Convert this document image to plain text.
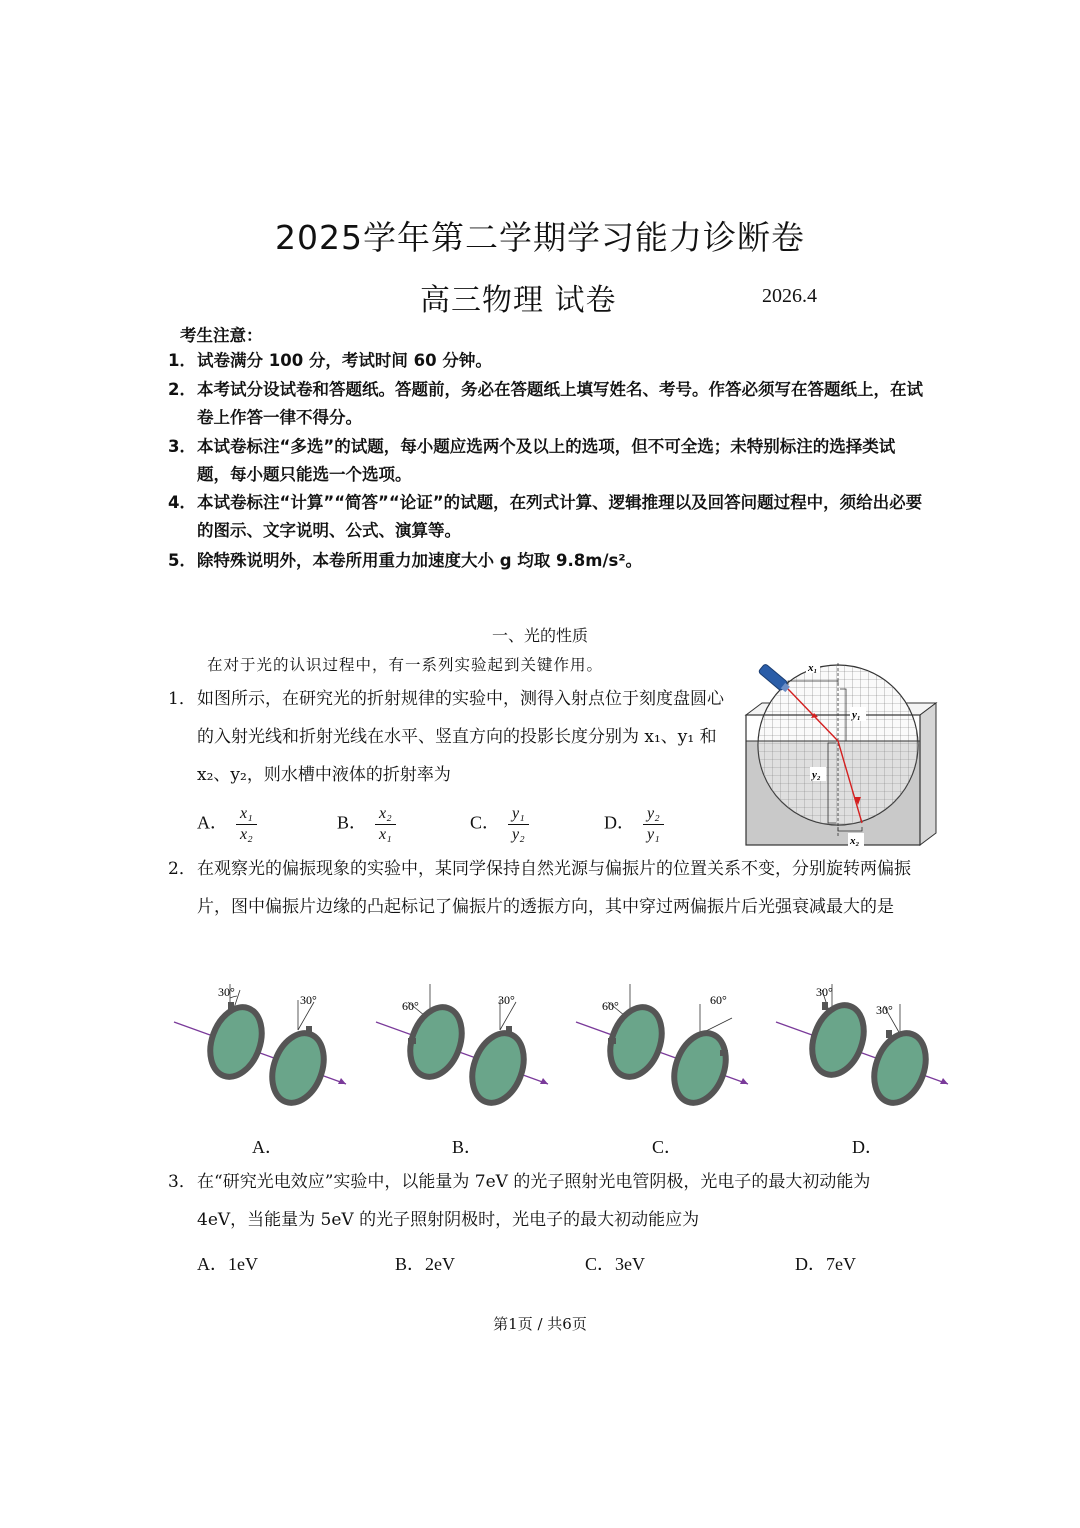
2025学年第二学期学习能力诊断卷
高三物理 试卷	2026.4
考生注意：
1． 试卷满分 100 分，考试时间 60 分钟。
2． 本考试分设试卷和答题纸。答题前，务必在答题纸上填写姓名、考号。作答必须写在答题纸上，在试卷上作答一律不得分。
3． 本试卷标注“多选”的试题，每小题应选两个及以上的选项，但不可全选；未特别标注的选择类试题，每小题只能选一个选项。
4． 本试卷标注“计算”“简答”“论证”的试题，在列式计算、逻辑推理以及回答问题过程中，须给出必要的图示、文字说明、公式、演算等。
5． 除特殊说明外，本卷所用重力加速度大小 g 均取 9.8m/s²。
一、光的性质
在对于光的认识过程中，有一系列实验起到关键作用。
1． 如图所示，在研究光的折射规律的实验中，测得入射点位于刻度盘圆心的入射光线和折射光线在水平、竖直方向的投影长度分别为 x₁、y₁ 和 x₂、y₂，则水槽中液体的折射率为
A． $\frac{\text{x₁}}{\text{x₂}}$	B． $\frac{\text{x₂}}{\text{x₁}}$	C． $\frac{\text{y₁}}{\text{y₂}}$	D． $\frac{\text{y₂}}{\text{y₁}}$
x₁
y₁
y₂
x₂
2． 在观察光的偏振现象的实验中，某同学保持自然光源与偏振片的位置关系不变，分别旋转两偏振片，图中偏振片边缘的凸起标记了偏振片的透振方向，其中穿过两偏振片后光强衰减最大的是
30°
30°
A．
60°	30°
B．
60°	60°
C．
30°
30°
D．
3． 在“研究光电效应”实验中，以能量为 7eV 的光子照射光电管阴极，光电子的最大初动能为 4eV，当能量为 5eV 的光子照射阴极时，光电子的最大初动能应为
A．1eV	B．2eV	C．3eV	D．7eV
第1页 / 共6页
